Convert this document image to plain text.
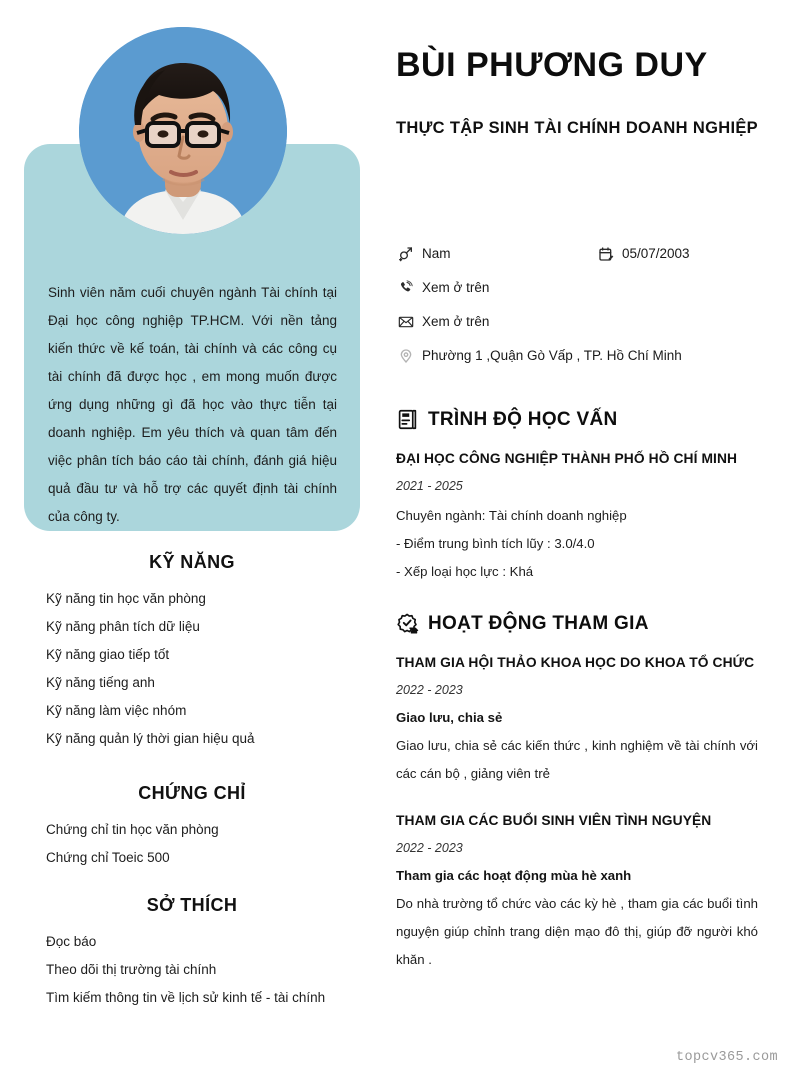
Sinh viên năm cuối chuyên ngành Tài chính tại Đại học công nghiệp TP.HCM. Với nền tảng kiến thức về kế toán, tài chính và các công cụ tài chính đã được học , em mong muốn được ứng dụng những gì đã học vào thực tiễn tại doanh nghiệp. Em yêu thích và quan tâm đến việc phân tích báo cáo tài chính, đánh giá hiệu quả đầu tư và hỗ trợ các quyết định tài chính của công ty.

KỸ NĂNG
Kỹ năng tin học văn phòng
Kỹ năng phân tích dữ liệu
Kỹ năng giao tiếp tốt
Kỹ năng tiếng anh
Kỹ năng làm việc nhóm
Kỹ năng quản lý thời gian hiệu quả
CHỨNG CHỈ
Chứng chỉ tin học văn phòng
Chứng chỉ Toeic 500
SỞ THÍCH
Đọc báo
Theo dõi thị trường tài chính
Tìm kiếm thông tin về lịch sử kinh tế - tài chính
BÙI PHƯƠNG DUY
THỰC TẬP SINH TÀI CHÍNH DOANH NGHIỆP
Nam	05/07/2003
Xem ở trên
Xem ở trên
Phường 1 ,Quận Gò Vấp , TP. Hồ Chí Minh
TRÌNH ĐỘ HỌC VẤN

ĐẠI HỌC CÔNG NGHIỆP THÀNH PHỐ HỒ CHÍ MINH

2021 - 2025

Chuyên ngành: Tài chính doanh nghiệp

- Điểm trung bình tích lũy : 3.0/4.0

- Xếp loại học lực : Khá

HOẠT ĐỘNG THAM GIA

THAM GIA HỘI THẢO KHOA HỌC DO KHOA TỔ CHỨC

2022 - 2023

Giao lưu, chia sẻ

Giao lưu, chia sẻ các kiến thức , kinh nghiệm về tài chính với các cán bộ , giảng viên trẻ

THAM GIA CÁC BUỔI SINH VIÊN TÌNH NGUYỆN

2022 - 2023

Tham gia các hoạt động mùa hè xanh

Do nhà trường tổ chức vào các kỳ hè , tham gia các buổi tình nguyện giúp chỉnh trang diện mạo đô thị, giúp đỡ người khó khăn .

topcv365.com
